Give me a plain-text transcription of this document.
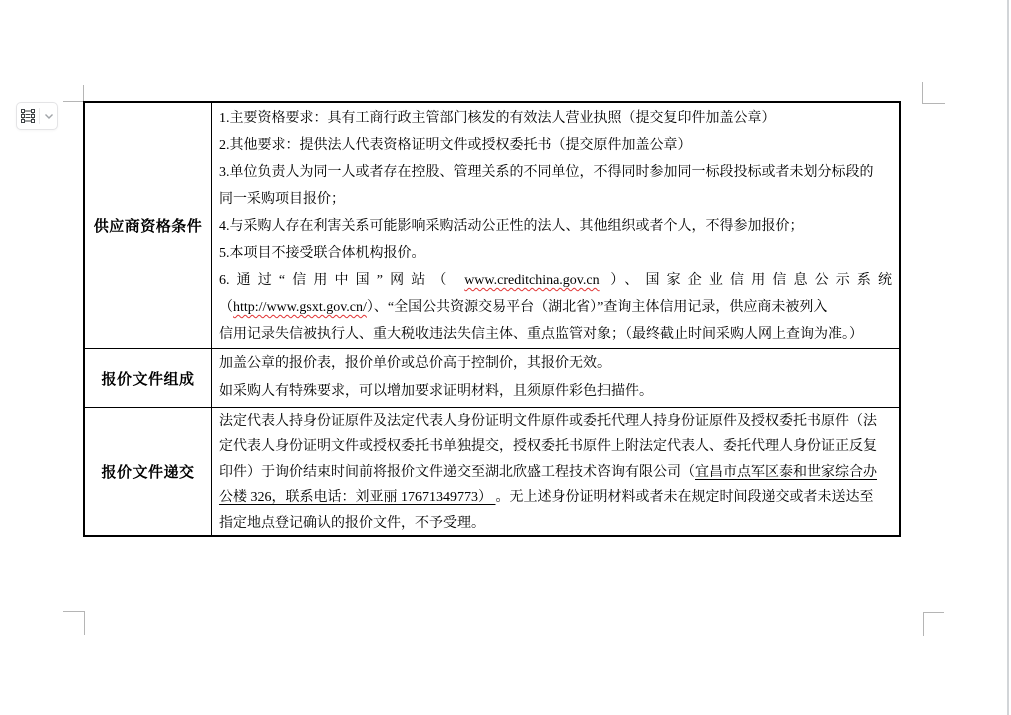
供应商资格条件
1.主要资格要求：具有工商行政主管部门核发的有效法人营业执照（提交复印件加盖公章）
2.其他要求：提供法人代表资格证明文件或授权委托书（提交原件加盖公章）
3.单位负责人为同一人或者存在控股、管理关系的不同单位，不得同时参加同一标段投标或者未划分标段的
同一采购项目报价；
4.与采购人存在利害关系可能影响采购活动公正性的法人、其他组织或者个人，不得参加报价；
5.本项目不接受联合体机构报价。
6.通过“信用中国”网站（ www.creditchina.gov.cn ）、国家企业信用信息公示系统
（http://www.gsxt.gov.cn/）、“全国公共资源交易平台（湖北省）”查询主体信用记录，供应商未被列入
信用记录失信被执行人、重大税收违法失信主体、重点监管对象；（最终截止时间采购人网上查询为准。）
报价文件组成
加盖公章的报价表，报价单价或总价高于控制价，其报价无效。
如采购人有特殊要求，可以增加要求证明材料，且须原件彩色扫描件。
报价文件递交
法定代表人持身份证原件及法定代表人身份证明文件原件或委托代理人持身份证原件及授权委托书原件（法
定代表人身份证明文件或授权委托书单独提交，授权委托书原件上附法定代表人、委托代理人身份证正反复
印件）于询价结束时间前将报价文件递交至湖北欣盛工程技术咨询有限公司（宜昌市点军区泰和世家综合办
公楼 326，联系电话：刘亚丽 17671349773） 。无上述身份证明材料或者未在规定时间段递交或者未送达至
指定地点登记确认的报价文件，不予受理。
